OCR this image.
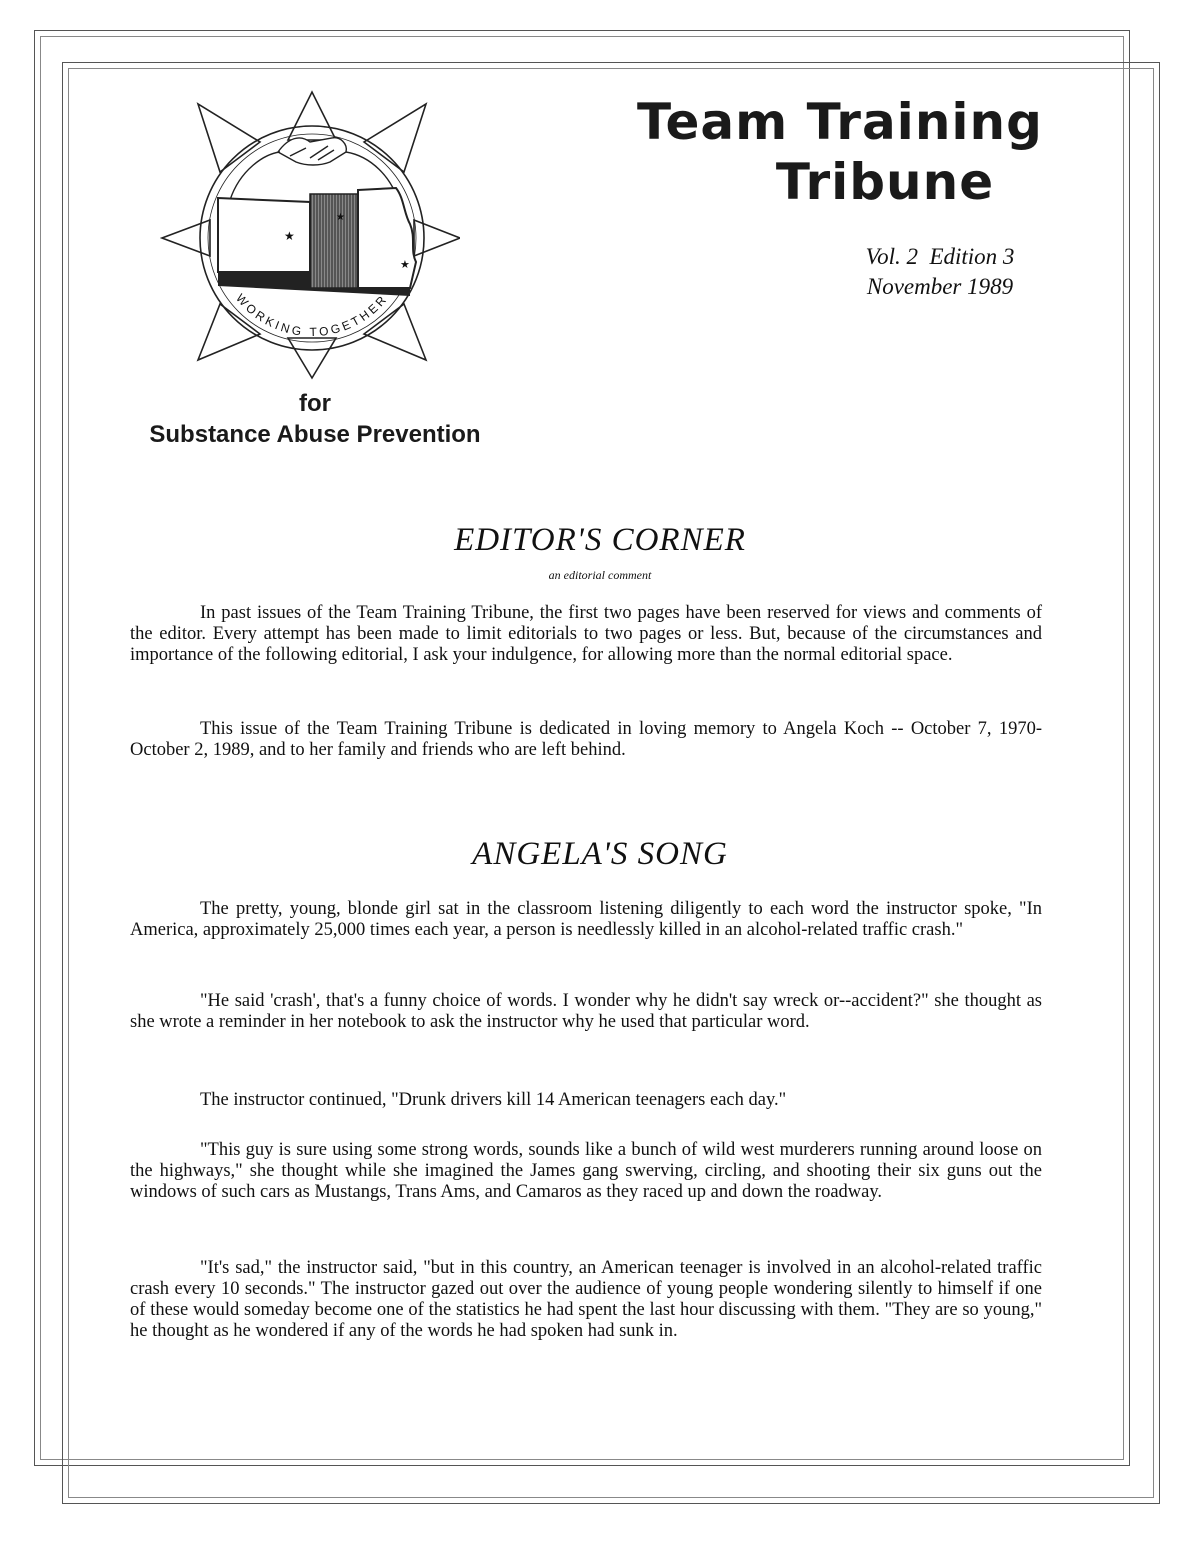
★
★
★
WORKING TOGETHER
Team Training
Tribune
Vol. 2  Edition 3
November 1989
for
Substance Abuse Prevention
EDITOR'S CORNER
an editorial comment

In past issues of the Team Training Tribune, the first two pages have been reserved for views and comments of the editor. Every attempt has been made to limit editorials to two pages or less. But, because of the circumstances and importance of the following editorial, I ask your indulgence, for allowing more than the normal editorial space.

This issue of the Team Training Tribune is dedicated in loving memory to Angela Koch -- October 7, 1970-October 2, 1989, and to her family and friends who are left behind.

ANGELA'S SONG

The pretty, young, blonde girl sat in the classroom listening diligently to each word the instructor spoke, "In America, approximately 25,000 times each year, a person is needlessly killed in an alcohol-related traffic crash."

"He said 'crash', that's a funny choice of words. I wonder why he didn't say wreck or--accident?" she thought as she wrote a reminder in her notebook to ask the instructor why he used that particular word.

The instructor continued, "Drunk drivers kill 14 American teenagers each day."

"This guy is sure using some strong words, sounds like a bunch of wild west murderers running around loose on the highways," she thought while she imagined the James gang swerving, circling, and shooting their six guns out the windows of such cars as Mustangs, Trans Ams, and Camaros as they raced up and down the roadway.

"It's sad," the instructor said, "but in this country, an American teenager is involved in an alcohol-related traffic crash every 10 seconds." The instructor gazed out over the audience of young people wondering silently to himself if one of these would someday become one of the statistics he had spent the last hour discussing with them. "They are so young," he thought as he wondered if any of the words he had spoken had sunk in.
